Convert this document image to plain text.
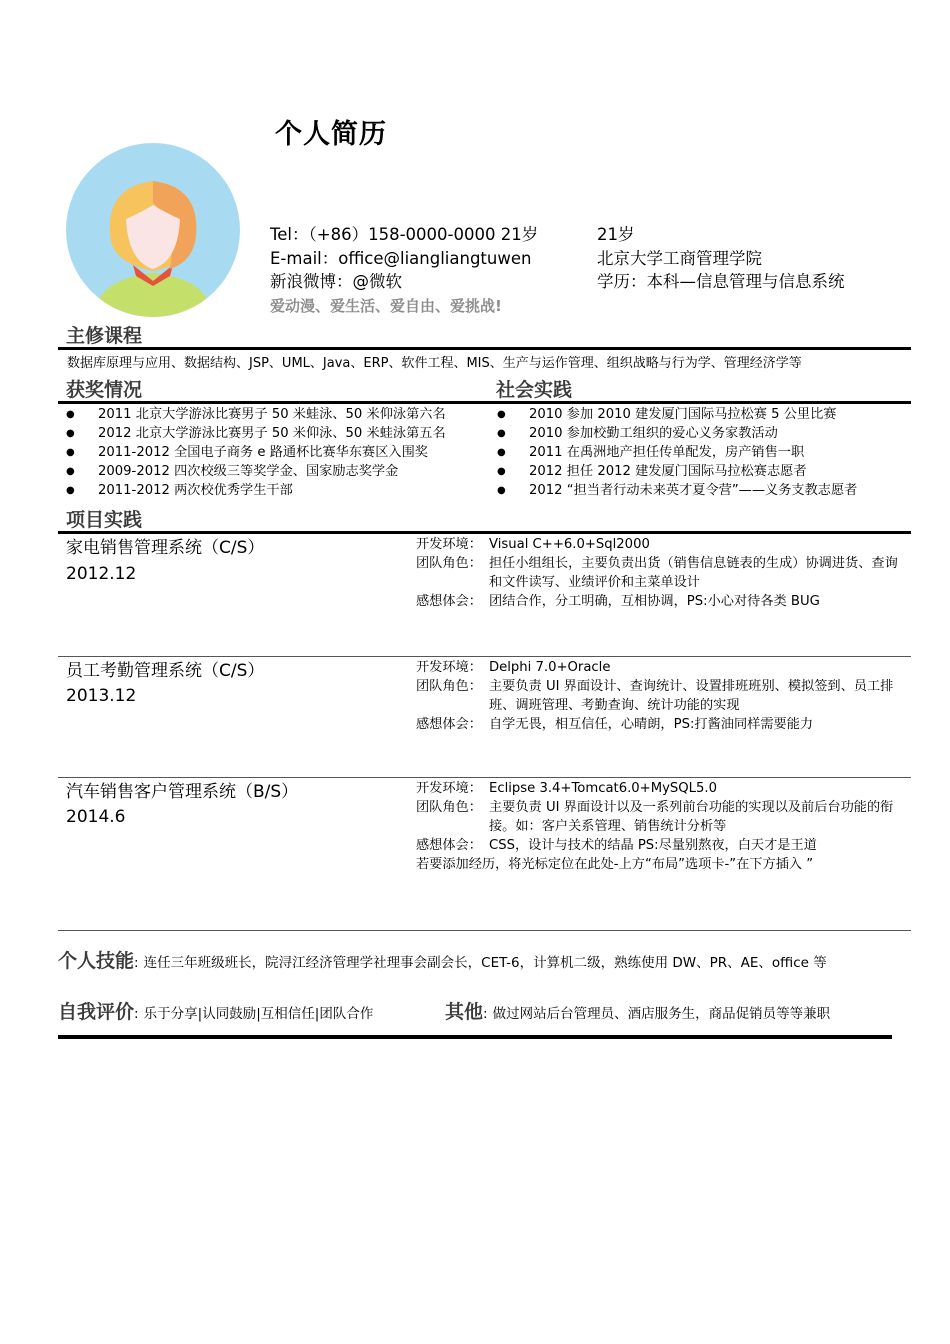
个人简历
Tel：（+86）158-0000-0000 21岁
E-mail：office@liangliangtuwen
新浪微博：@微软
爱动漫、爱生活、爱自由、爱挑战!
21岁
北京大学工商管理学院
学历：本科—信息管理与信息系统
主修课程
数据库原理与应用、数据结构、JSP、UML、Java、ERP、软件工程、MIS、生产与运作管理、组织战略与行为学、管理经济学等
获奖情况	社会实践
● 2011 北京大学游泳比赛男子 50 米蛙泳、50 米仰泳第六名
● 2012 北京大学游泳比赛男子 50 米仰泳、50 米蛙泳第五名
● 2011-2012 全国电子商务 e 路通杯比赛华东赛区入围奖
● 2009-2012 四次校级三等奖学金、国家励志奖学金
● 2011-2012 两次校优秀学生干部
● 2010 参加 2010 建发厦门国际马拉松赛 5 公里比赛
● 2010 参加校勤工组织的爱心义务家教活动
● 2011 在禹洲地产担任传单配发，房产销售一职
● 2012 担任 2012 建发厦门国际马拉松赛志愿者
● 2012 “担当者行动未来英才夏令营”——义务支教志愿者
项目实践
家电销售管理系统（C/S）
2012.12
开发环境： Visual C++6.0+Sql2000
团队角色： 担任小组组长，主要负责出货（销售信息链表的生成）协调进货、查询和文件读写、业绩评价和主菜单设计
感想体会： 团结合作，分工明确，互相协调，PS:小心对待各类 BUG
员工考勤管理系统（C/S）
2013.12
开发环境： Delphi 7.0+Oracle
团队角色： 主要负责 UI 界面设计、查询统计、设置排班班别、模拟签到、员工排班、调班管理、考勤查询、统计功能的实现
感想体会： 自学无畏，相互信任，心晴朗，PS:打酱油同样需要能力
汽车销售客户管理系统（B/S）
2014.6
开发环境： Eclipse 3.4+Tomcat6.0+MySQL5.0
团队角色： 主要负责 UI 界面设计以及一系列前台功能的实现以及前后台功能的衔接。如：客户关系管理、销售统计分析等
感想体会： CSS，设计与技术的结晶 PS:尽量别熬夜，白天才是王道
若要添加经历，将光标定位在此处-上方“布局”选项卡-”在下方插入 ”
个人技能: 连任三年班级班长，院浔江经济管理学社理事会副会长，CET-6，计算机二级，熟练使用 DW、PR、AE、office 等
自我评价: 乐于分享|认同鼓励|互相信任|团队合作	其他: 做过网站后台管理员、酒店服务生，商品促销员等等兼职
